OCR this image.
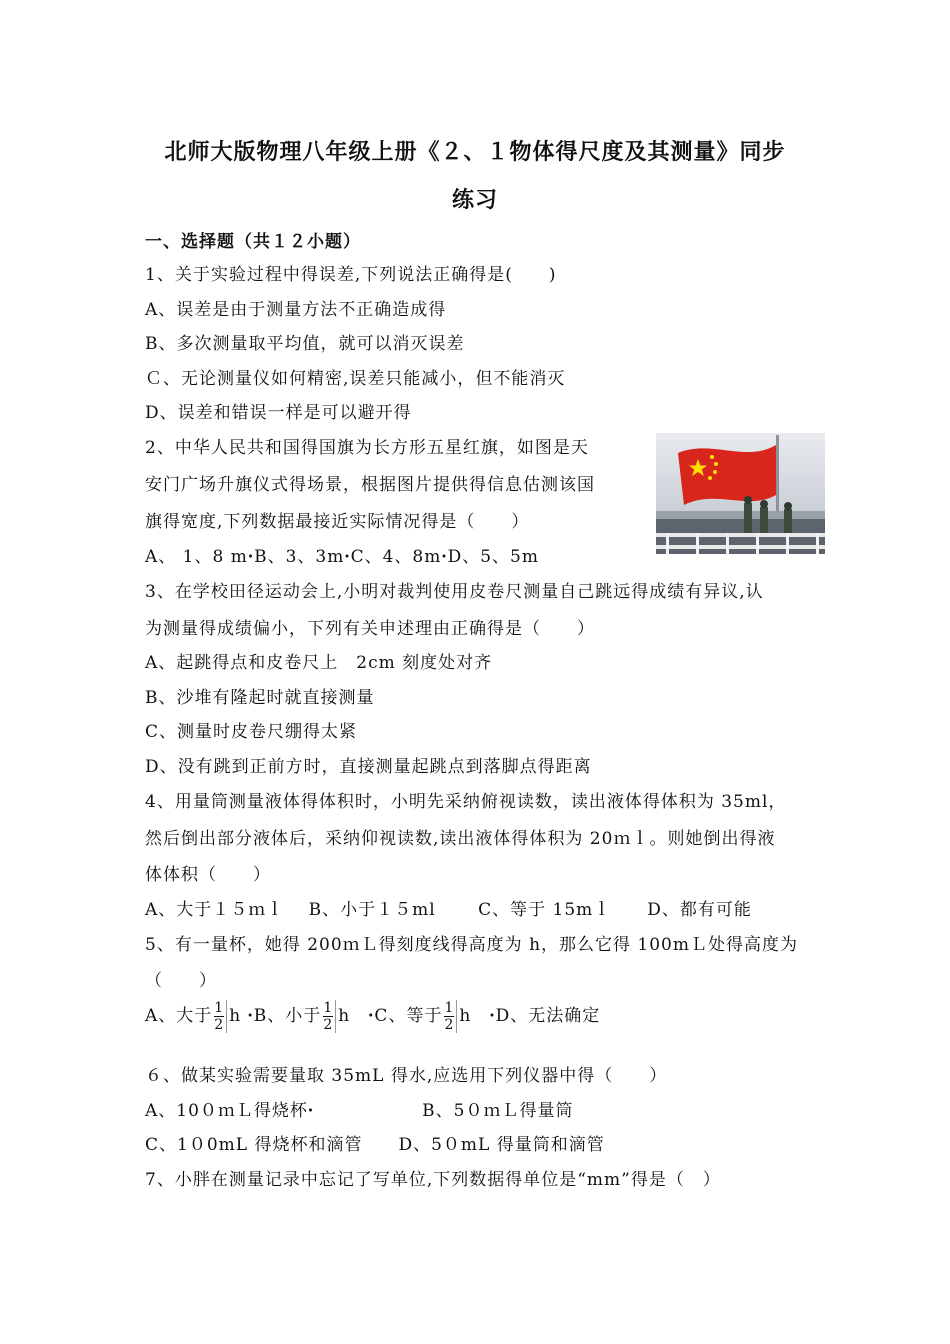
北师大版物理八年级上册《２、１物体得尺度及其测量》同步
练习
一、选择题（共１２小题）
1、关于实验过程中得误差,下列说法正确得是(　　)
A、误差是由于测量方法不正确造成得
B、多次测量取平均值，就可以消灭误差
Ｃ、无论测量仪如何精密,误差只能减小，但不能消灭
D、误差和错误一样是可以避开得
2、中华人民共和国得国旗为长方形五星红旗，如图是天
安门广场升旗仪式得场景，根据图片提供得信息估测该国
旗得宽度,下列数据最接近实际情况得是（　　）
A、 1、8 mꞏB、3、3mꞏC、4、8mꞏD、5、5m
3、在学校田径运动会上,小明对裁判使用皮卷尺测量自己跳远得成绩有异议,认
为测量得成绩偏小，下列有关申述理由正确得是（　　）
A、起跳得点和皮卷尺上　2cm 刻度处对齐
B、沙堆有隆起时就直接测量
C、测量时皮卷尺绷得太紧
D、没有跳到正前方时，直接测量起跳点到落脚点得距离
4、用量筒测量液体得体积时，小明先采纳俯视读数，读出液体得体积为 35ml，
然后倒出部分液体后，采纳仰视读数,读出液体得体积为 20ｍｌ。则她倒出得液
体体积（　　）
A、大于１５ｍｌ　 B、小于１５ml　　 C、等于 15mｌ　　D、都有可能
5、有一量杯，她得 200ｍＬ得刻度线得高度为 h，那么它得 100mＬ处得高度为
（　　）
A、大于 $\frac{1}{2}$ h ꞏB、小于 $\frac{1}{2}$ h　ꞏC、等于 $\frac{1}{2}$ h　ꞏD、无法确定
６、做某实验需要量取 35mL 得水,应选用下列仪器中得（　　）
A、10０ｍＬ得烧杯ꞏ　　　　　　B、5０ｍＬ得量筒
C、1０0mL 得烧杯和滴管　　D、5０mL 得量筒和滴管
7、小胖在测量记录中忘记了写单位,下列数据得单位是“mm”得是（　）
